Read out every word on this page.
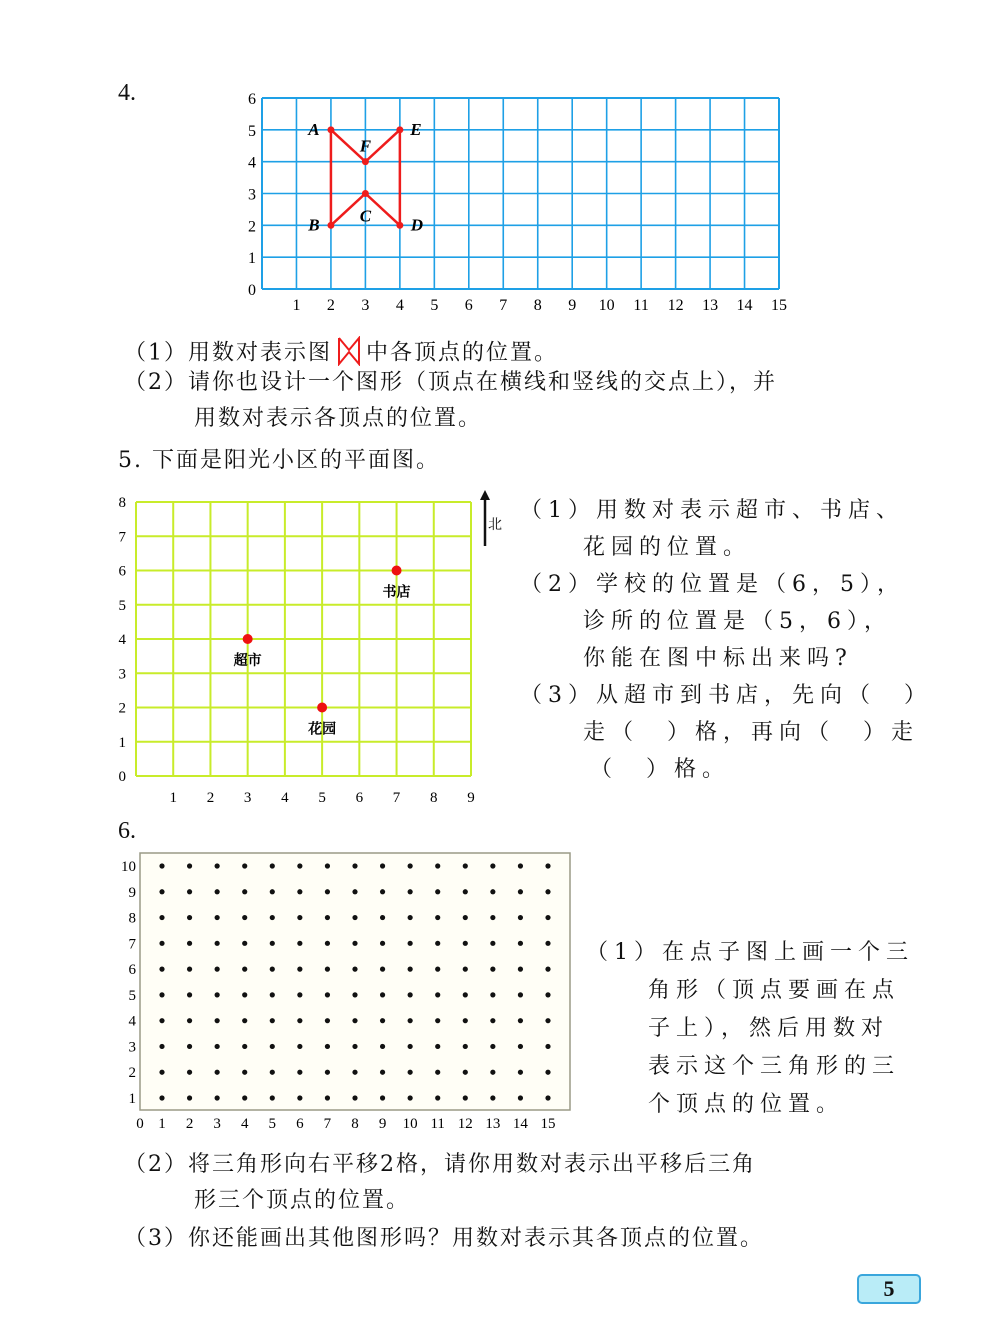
4.
1 2 3 4 5 6 7 8 9 10 11 12 13 14 15
0
1
2
3
4
5
6
A
F
E
D
C
B
（1）用数对表示图 中各顶点的位置。
（2）请你也设计一个图形（顶点在横线和竖线的交点上），并
用数对表示各顶点的位置。
5. 下面是阳光小区的平面图。
1 2 3 4 5 6 7 8 9
0
1
2
3
4
5
6
7
8
超市
书店
花园
北
（1）用数对表示超市、书店、
花园的位置。
（2）学校的位置是（6，5），
诊所的位置是（5，6），
你能在图中标出来吗?
（3）从超市到书店，先向（　）
走（　）格，再向（　）走
（　）格。
6.
0 1 2 3 4 5 6 7 8 9 10 11 12 13 14 15
1
2
3
4
5
6
7
8
9
10
（1）在点子图上画一个三
角形（顶点要画在点
子上），然后用数对
表示这个三角形的三
个顶点的位置。
（2）将三角形向右平移2格，请你用数对表示出平移后三角
形三个顶点的位置。
（3）你还能画出其他图形吗？用数对表示其各顶点的位置。
5
